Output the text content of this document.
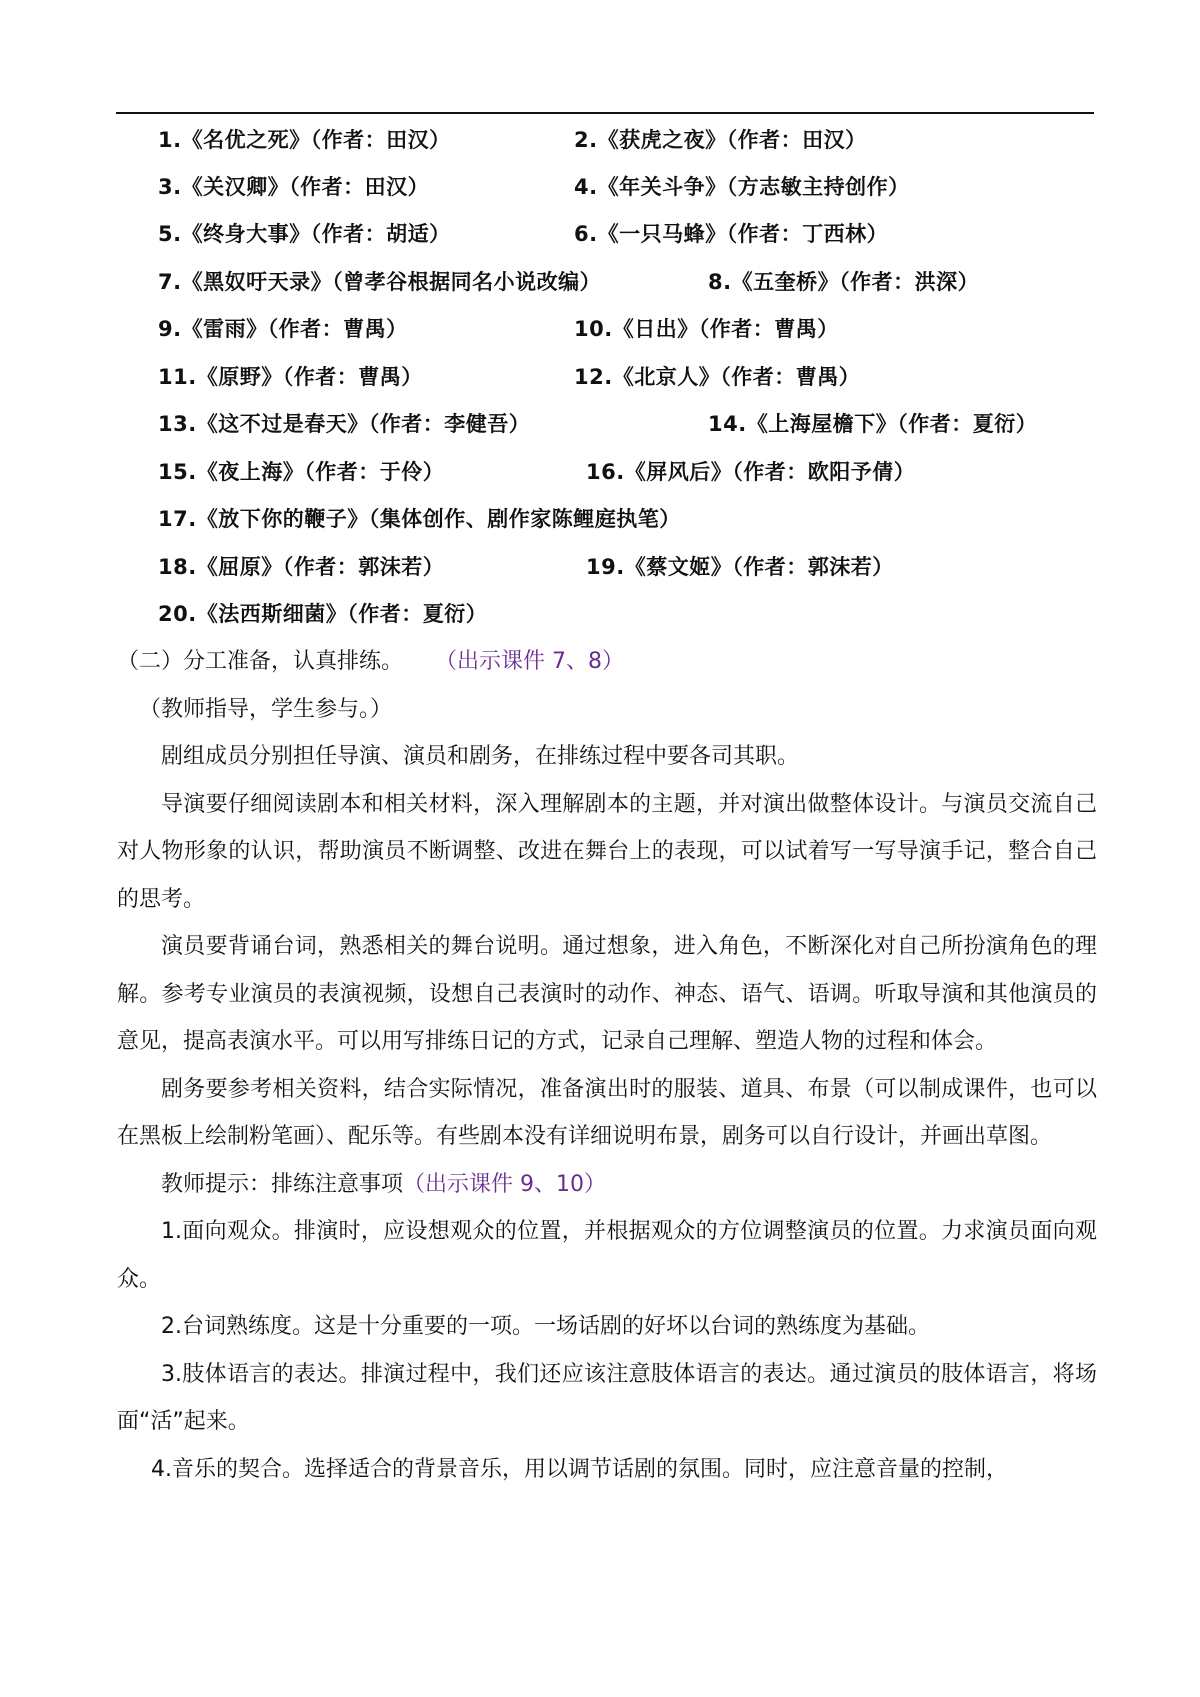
1.《名优之死》（作者：田汉）	2.《获虎之夜》（作者：田汉）
3.《关汉卿》（作者：田汉）	4.《年关斗争》（方志敏主持创作）
5.《终身大事》（作者：胡适）	6.《一只马蜂》（作者：丁西林）
7.《黑奴吁天录》（曾孝谷根据同名小说改编）	8.《五奎桥》（作者：洪深）
9.《雷雨》（作者：曹禺）	10.《日出》（作者：曹禺）
11.《原野》（作者：曹禺）	12.《北京人》（作者：曹禺）
13.《这不过是春天》（作者：李健吾）	14.《上海屋檐下》（作者：夏衍）
15.《夜上海》（作者：于伶）	16.《屏风后》（作者：欧阳予倩）
17.《放下你的鞭子》（集体创作、剧作家陈鲤庭执笔）
18.《屈原》（作者：郭沫若）	19.《蔡文姬》（作者：郭沫若）
20.《法西斯细菌》（作者：夏衍）

（二）分工准备，认真排练。 （出示课件 7、8）

（教师指导，学生参与。）

剧组成员分别担任导演、演员和剧务，在排练过程中要各司其职。

导演要仔细阅读剧本和相关材料，深入理解剧本的主题，并对演出做整体设计。与演员交流自己对人物形象的认识，帮助演员不断调整、改进在舞台上的表现，可以试着写一写导演手记，整合自己的思考。

演员要背诵台词，熟悉相关的舞台说明。通过想象，进入角色，不断深化对自己所扮演角色的理解。参考专业演员的表演视频，设想自己表演时的动作、神态、语气、语调。听取导演和其他演员的意见，提高表演水平。可以用写排练日记的方式，记录自己理解、塑造人物的过程和体会。

剧务要参考相关资料，结合实际情况，准备演出时的服装、道具、布景（可以制成课件，也可以在黑板上绘制粉笔画）、配乐等。有些剧本没有详细说明布景，剧务可以自行设计，并画出草图。

教师提示：排练注意事项（出示课件 9、10）

1.面向观众。排演时，应设想观众的位置，并根据观众的方位调整演员的位置。力求演员面向观众。

2.台词熟练度。这是十分重要的一项。一场话剧的好坏以台词的熟练度为基础。

3.肢体语言的表达。排演过程中，我们还应该注意肢体语言的表达。通过演员的肢体语言，将场面“活”起来。

4.音乐的契合。选择适合的背景音乐，用以调节话剧的氛围。同时，应注意音量的控制，
